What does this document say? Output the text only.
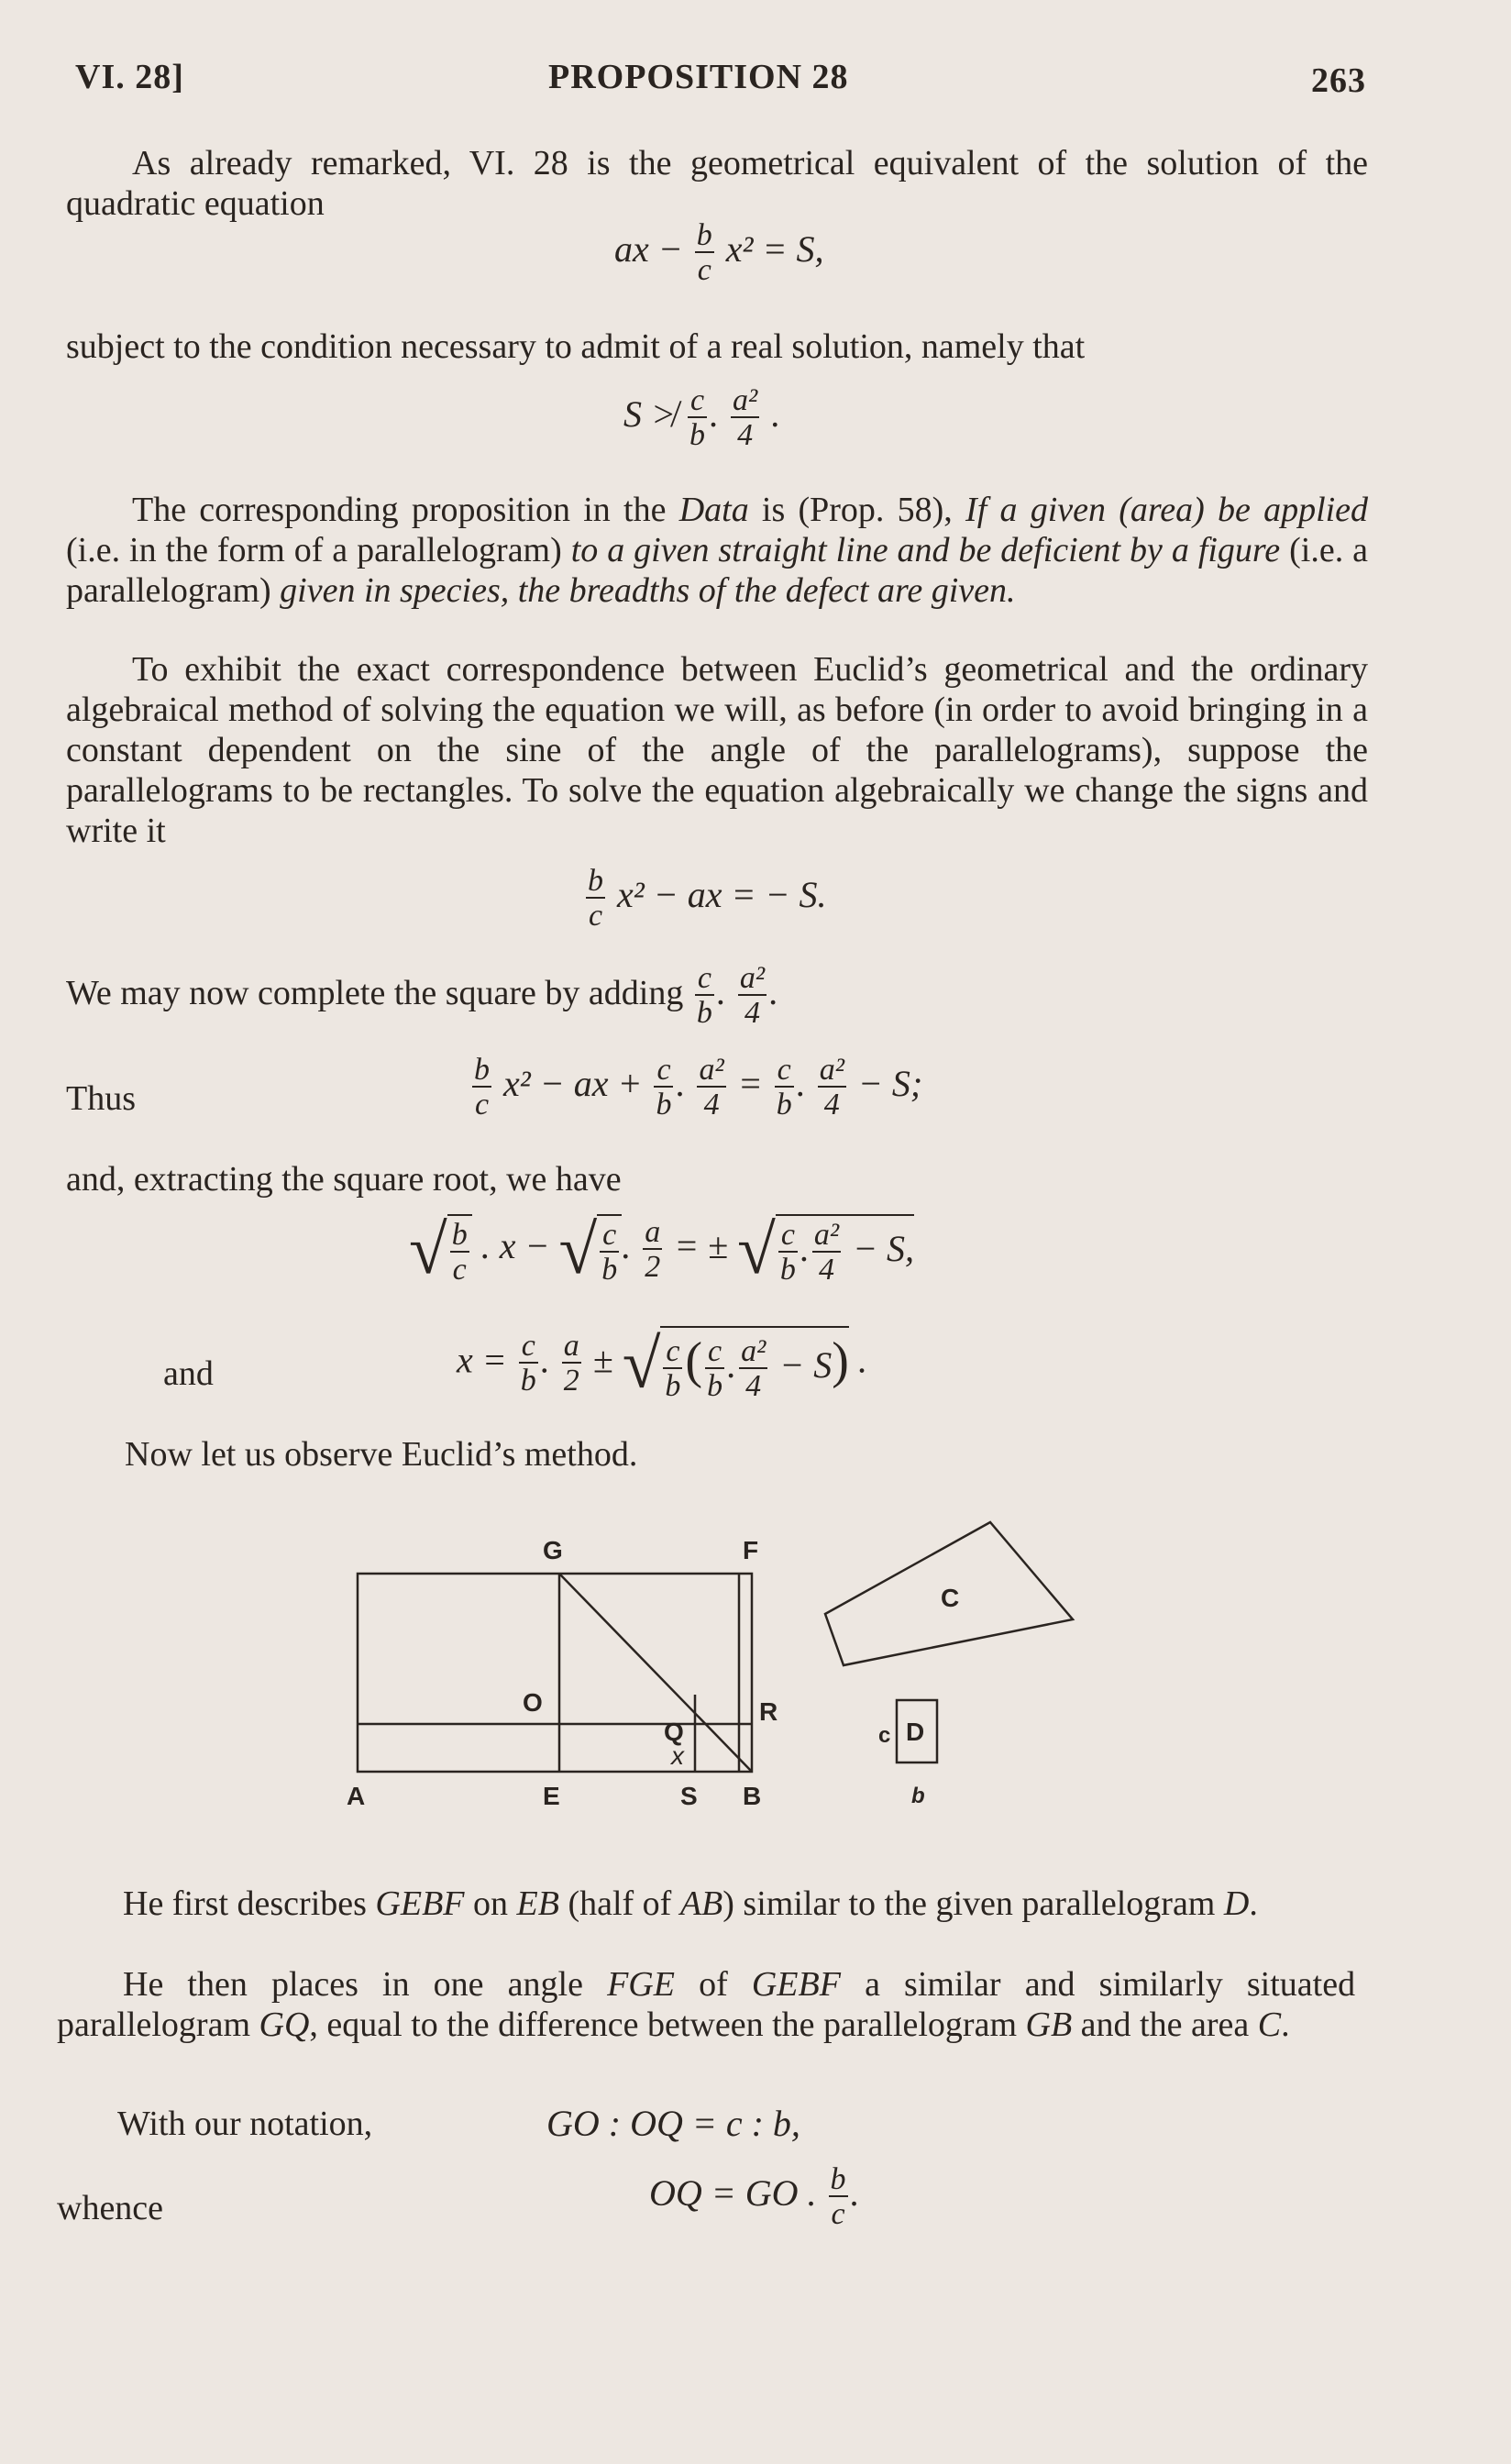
VI. 28]	PROPOSITION 28	263
As already remarked, VI. 28 is the geometrical equivalent of the solution of the quadratic equation
ax − $\frac{b}{c} x^2 = S$,
subject to the condition necessary to admit of a real solution, namely that
S ≯ $\frac{c}{b}$ . $\frac{\text{a²}}{4}$ .
The corresponding proposition in the Data is (Prop. 58), If a given (area) be applied (i.e. in the form of a parallelogram) to a given straight line and be deficient by a figure (i.e. a parallelogram) given in species, the breadths of the defect are given.
To exhibit the exact correspondence between Euclid’s geometrical and the ordinary algebraical method of solving the equation we will, as before (in order to avoid bringing in a constant dependent on the sine of the angle of the parallelograms), suppose the parallelograms to be rectangles. To solve the equation algebraically we change the signs and write it
$\frac{b}{c} x^2$ − ax = − S.
We may now complete the square by adding $\frac{c}{b}$ . $\frac{\text{a²}}{4}$ .
Thus	$\frac{b}{c} x^2$ − ax + $\frac{c}{b}$ . $\frac{\text{a²}}{4} = \frac{c}{b}$ . $\frac{\text{a²}}{4} - S$;
and, extracting the square root, we have
√ $\frac{b}{c}$ . x − √ $\frac{c}{b}$ . $\frac{a}{2}$ = ± √ $\frac{c}{b}$ . $\frac{\text{a²}}{4} - S$,
and	$x = \frac{c}{b}$ . $\frac{a}{2}$ ± √ $\frac{c}{b}$ ( $\frac{c}{b}$ . $\frac{\text{a²}}{4} - S$) .
Now let us observe Euclid’s method.
G	F
O	R
Q
x
A	E	S B
C
D
c
b
He first describes GEBF on EB (half of AB) similar to the given parallelogram D.
He then places in one angle FGE of GEBF a similar and similarly situated parallelogram GQ, equal to the difference between the parallelogram GB and the area C.
With our notation,	GO : OQ = c : b,
whence	OQ = GO . $\frac{b}{c}$ .
